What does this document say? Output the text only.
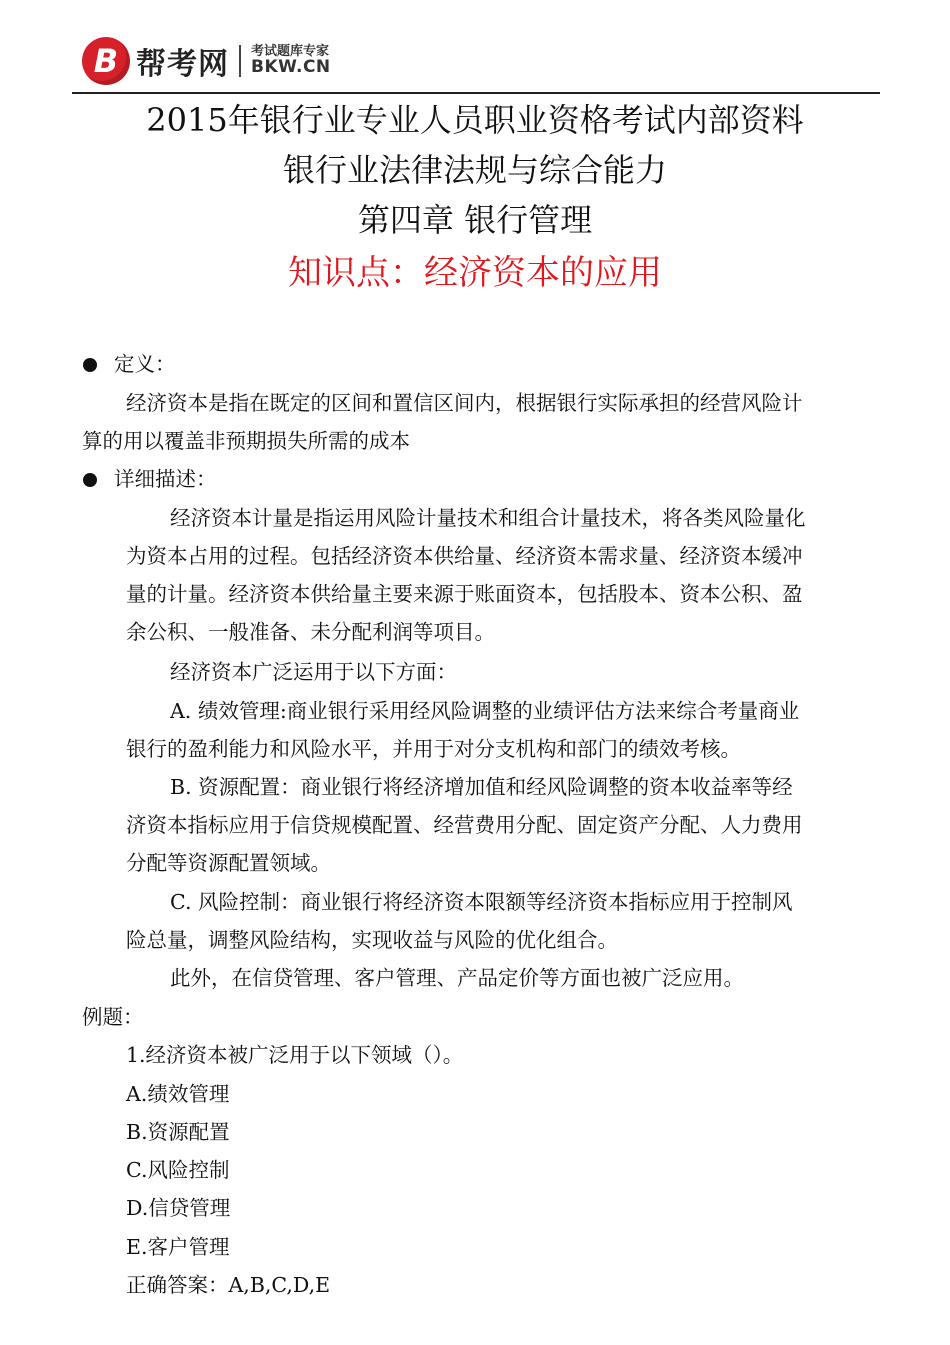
B 帮考网 考试题库专家
BKW.CN
2015年银行业专业人员职业资格考试内部资料
银行业法律法规与综合能力
第四章 银行管理
知识点：经济资本的应用
定义：
经济资本是指在既定的区间和置信区间内，根据银行实际承担的经营风险计
算的用以覆盖非预期损失所需的成本
详细描述：
经济资本计量是指运用风险计量技术和组合计量技术，将各类风险量化
为资本占用的过程。包括经济资本供给量、经济资本需求量、经济资本缓冲
量的计量。经济资本供给量主要来源于账面资本，包括股本、资本公积、盈
余公积、一般准备、未分配利润等项目。
经济资本广泛运用于以下方面：
A. 绩效管理:商业银行采用经风险调整的业绩评估方法来综合考量商业
银行的盈利能力和风险水平，并用于对分支机构和部门的绩效考核。
B. 资源配置：商业银行将经济增加值和经风险调整的资本收益率等经
济资本指标应用于信贷规模配置、经营费用分配、固定资产分配、人力费用
分配等资源配置领域。
C. 风险控制：商业银行将经济资本限额等经济资本指标应用于控制风
险总量，调整风险结构，实现收益与风险的优化组合。
此外，在信贷管理、客户管理、产品定价等方面也被广泛应用。
例题：
1.经济资本被广泛用于以下领域（）。
A.绩效管理
B.资源配置
C.风险控制
D.信贷管理
E.客户管理
正确答案：A,B,C,D,E
